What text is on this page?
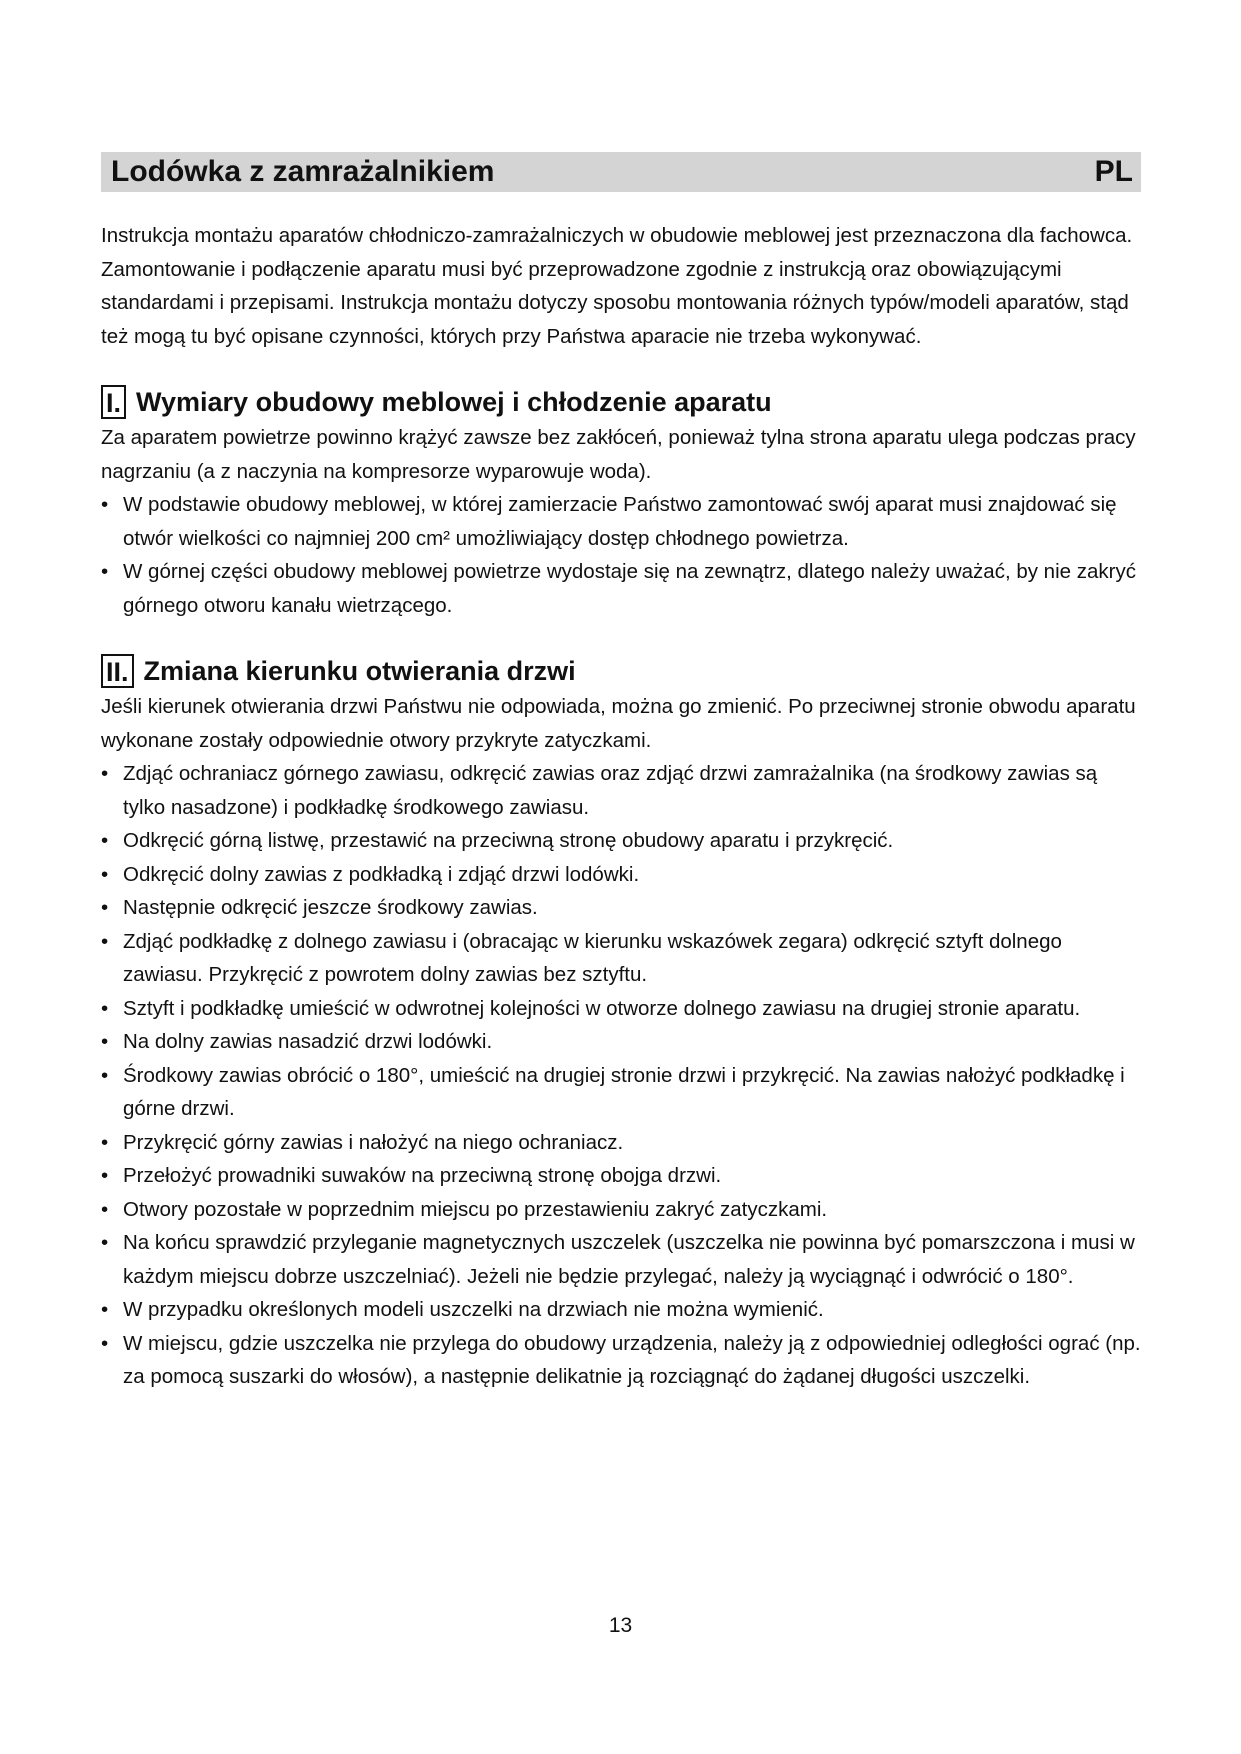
Lodówka z zamrażalnikiem	PL

Instrukcja montażu aparatów chłodniczo-zamrażalniczych w obudowie meblowej jest przeznaczona dla fachowca. Zamontowanie i podłączenie aparatu musi być przeprowadzone zgodnie z instrukcją oraz obowiązującymi standardami i przepisami. Instrukcja montażu dotyczy sposobu montowania różnych typów/modeli aparatów, stąd też mogą tu być opisane czynności, których przy Państwa aparacie nie trzeba wykonywać.

I. Wymiary obudowy meblowej i chłodzenie aparatu

Za aparatem powietrze powinno krążyć zawsze bez zakłóceń, ponieważ tylna strona aparatu ulega podczas pracy nagrzaniu (a z naczynia na kompresorze wyparowuje woda).

• W podstawie obudowy meblowej, w której zamierzacie Państwo zamontować swój aparat musi znajdować się otwór wielkości co najmniej 200 cm² umożliwiający dostęp chłodnego powietrza.
• W górnej części obudowy meblowej powietrze wydostaje się na zewnątrz, dlatego należy uważać, by nie zakryć górnego otworu kanału wietrzącego.
II. Zmiana kierunku otwierania drzwi

Jeśli kierunek otwierania drzwi Państwu nie odpowiada, można go zmienić. Po przeciwnej stronie obwodu aparatu wykonane zostały odpowiednie otwory przykryte zatyczkami.

• Zdjąć ochraniacz górnego zawiasu, odkręcić zawias oraz zdjąć drzwi zamrażalnika (na środkowy zawias są tylko nasadzone) i podkładkę środkowego zawiasu.
• Odkręcić górną listwę, przestawić na przeciwną stronę obudowy aparatu i przykręcić.
• Odkręcić dolny zawias z podkładką i zdjąć drzwi lodówki.
• Następnie odkręcić jeszcze środkowy zawias.
• Zdjąć podkładkę z dolnego zawiasu i (obracając w kierunku wskazówek zegara) odkręcić sztyft dolnego zawiasu. Przykręcić z powrotem dolny zawias bez sztyftu.
• Sztyft i podkładkę umieścić w odwrotnej kolejności w otworze dolnego zawiasu na drugiej stronie aparatu.
• Na dolny zawias nasadzić drzwi lodówki.
• Środkowy zawias obrócić o 180°, umieścić na drugiej stronie drzwi i przykręcić. Na zawias nałożyć podkładkę i górne drzwi.
• Przykręcić górny zawias i nałożyć na niego ochraniacz.
• Przełożyć prowadniki suwaków na przeciwną stronę obojga drzwi.
• Otwory pozostałe w poprzednim miejscu po przestawieniu zakryć zatyczkami.
• Na końcu sprawdzić przyleganie magnetycznych uszczelek (uszczelka nie powinna być pomarszczona i musi w każdym miejscu dobrze uszczelniać). Jeżeli nie będzie przylegać, należy ją wyciągnąć i odwrócić o 180°.
• W przypadku określonych modeli uszczelki na drzwiach nie można wymienić.
• W miejscu, gdzie uszczelka nie przylega do obudowy urządzenia, należy ją z odpowiedniej odległości ograć (np. za pomocą suszarki do włosów), a następnie delikatnie ją rozciągnąć do żądanej długości uszczelki.
13
